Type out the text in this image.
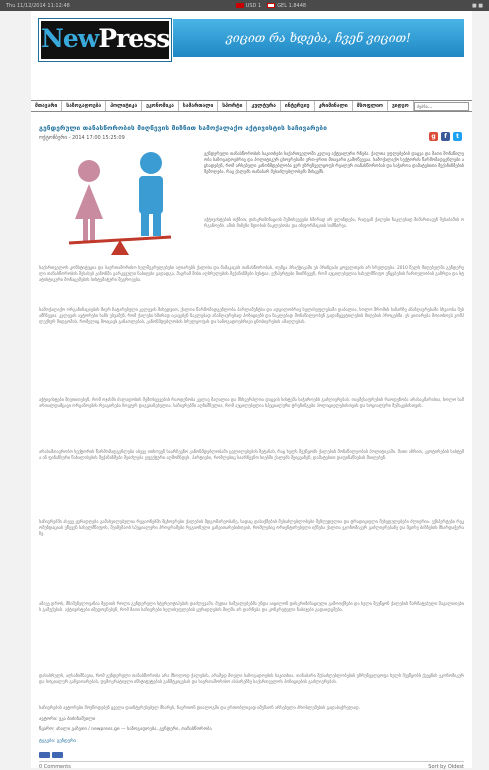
Thu 11/12/2014 11:12:48	USD 1	GEL 1.8448	■ ■
NewPress	ვიცით რა ხდება, ჩვენ ვიცით!
მთავარი	საზოგადოება	პოლიტიკა	ეკონომიკა	სამართალი	სპორტი	კულტურა	ინტერვიუ	კრიმინალი	მსოფლიო	ვიდეო	ძებნა...
გენდერული თანასწორობის მიღწევის მიზნით სამოქალაქო აქტივისტის საჩივარები
ოქტომბერი - 2014 17:00 15:25:09	g	f	t
გენდერული თანასწორობის საკითხები საქართველოში კვლავ აქტუალური რჩება. ქალთა უფლებების დაცვა და მათი მონაწილეობა საზოგადოებრივ და პოლიტიკურ ცხოვრებაში ერთ-ერთი მთავარი გამოწვევაა. სამოქალაქო სექტორის წარმომადგენლები აცხადებენ, რომ არსებული კანონმდებლობა ვერ უზრუნველყოფს რეალურ თანასწორობას და საჭიროა დამატებითი მექანიზმების შემოღება, რაც ქალებს თანაბარ შესაძლებლობებს მისცემს.
აქტივისტების თქმით, დისკრიმინაციის შემთხვევები ხშირად არ ვლინდება, რადგან ქალები ნაკლებად მიმართავენ შესაბამის ორგანოებს. ამის მიზეზი ნდობის ნაკლებობა და ინფორმაციის სიმწირეა.
საქართველოს კონსტიტუცია და საერთაშორისო ხელშეკრულებები აღიარებს ქალისა და მამაკაცის თანასწორობას, თუმცა პრაქტიკაში ეს პრინციპი ყოველთვის არ სრულდება. 2010 წელს მიღებულმა გენდერული თანასწორობის შესახებ კანონმა გარკვეული ნაბიჯები გადადგა, მაგრამ მისი აღსრულების მექანიზმები სუსტია. ექსპერტები მიიჩნევენ, რომ აუცილებელია სახელმწიფო უწყებების ჩართულობის გაზრდა და სტატისტიკური მონაცემების სისტემატური შეგროვება.
სამოქალაქო ორგანიზაციების მიერ ჩატარებული კვლევის მიხედვით, ქალთა წარმომადგენლობა პარლამენტსა და ადგილობრივ ხელისუფლებაში დაბალია, ხოლო შრომის ბაზარზე ანაზღაურებაში სხვაობა შესამჩნევია. კვლევის ავტორები ხაზს უსვამენ, რომ ქალები ხშირად იკავებენ ნაკლებად ანაზღაურებად პოზიციებს და ნაკლებად მონაწილეობენ გადაწყვეტილების მიღების პროცესში. ეს ვითარება მოითხოვს კომპლექსურ მიდგომას, რომელიც მოიცავს განათლებას, კანონმდებლობის სრულყოფას და საზოგადოებრივი ცნობიერების ამაღლებას.
აქტივისტები მიუთითებენ, რომ ოჯახში ძალადობის შემთხვევების რაოდენობა კვლავ მაღალია და მსხვერპლთა დაცვის სისტემა საჭიროებს გაძლიერებას. თავშესაფრების რაოდენობა არასაკმარისია, ხოლო სამართალდამცავი ორგანოების რეაგირება ზოგჯერ დაგვიანებულია. საჩივრებში აღნიშნულია, რომ აუცილებელია სპეციალური ტრენინგები პოლიციელებისთვის და სოციალური მუშაკებისთვის.
არასამთავრობო სექტორის წარმომადგენლები ასევე ითხოვენ საარჩევნო კანონმდებლობაში ცვლილებების შეტანას, რაც ხელს შეუწყობს ქალების მონაწილეობას პოლიტიკაში. მათი აზრით, კვოტირების სისტემა ან ფინანსური წახალისების მექანიზმები შეიძლება ეფექტური აღმოჩნდეს. პარტიები, რომლებიც საარჩევნო სიებში ქალებს შეიყვანენ, დამატებით დაფინანსებას მიიღებენ.
საჩივრებში ასევე ყურადღება გამახვილებულია რეგიონებში მცხოვრები ქალების მდგომარეობაზე, სადაც დასაქმების შესაძლებლობები შეზღუდულია და ტრადიციული შეხედულებები ძლიერია. ექსპერტები რეკომენდაციას უწევენ სახელმწიფოს, შეიმუშაოს სპეციალური პროგრამები რეგიონული განვითარებისთვის, რომლებიც ორიენტირებული იქნება ქალთა ეკონომიკურ გაძლიერებაზე და მცირე ბიზნესის მხარდაჭერაზე.
ამავე დროს, მნიშვნელოვანია მედიის როლი გენდერული სტერეოტიპების დაძლევაში. მედია საშუალებებმა უნდა აიცილონ დისკრიმინაციული გამოთქმები და ხელი შეუწყონ ქალების წარმატებული მაგალითების გაშუქებას. აქტივისტები იმედოვნებენ, რომ მათი საჩივრები ხელისუფლების ყურადღების მიღმა არ დარჩება და კონკრეტული ნაბიჯები გადაიდგმება.
დასასრულს, აღსანიშნავია, რომ გენდერული თანასწორობა არა მხოლოდ ქალების, არამედ მთელი საზოგადოების საკითხია. თანაბარი შესაძლებლობების უზრუნველყოფა ხელს შეუწყობს ქვეყნის ეკონომიკურ და სოციალურ განვითარებას, დემოკრატიული ინსტიტუტების განმტკიცებას და საერთაშორისო ასპარეზზე საქართველოს პოზიციების გაძლიერებას.
საჩივრების ავტორები მოუწოდებენ ყველა დაინტერესებულ მხარეს, ჩაერთონ დიალოგში და ერთობლივად იმუშაონ არსებული პრობლემების გადასაჭრელად.
ავტორი: ეკა ბიძინაშვილი
წყარო: ახალი გაზეთი / newpress.ge — საზოგადოება, გენდერი, თანასწორობა
ტეგები: გენდერი
0 Comments	Sort by Oldest
